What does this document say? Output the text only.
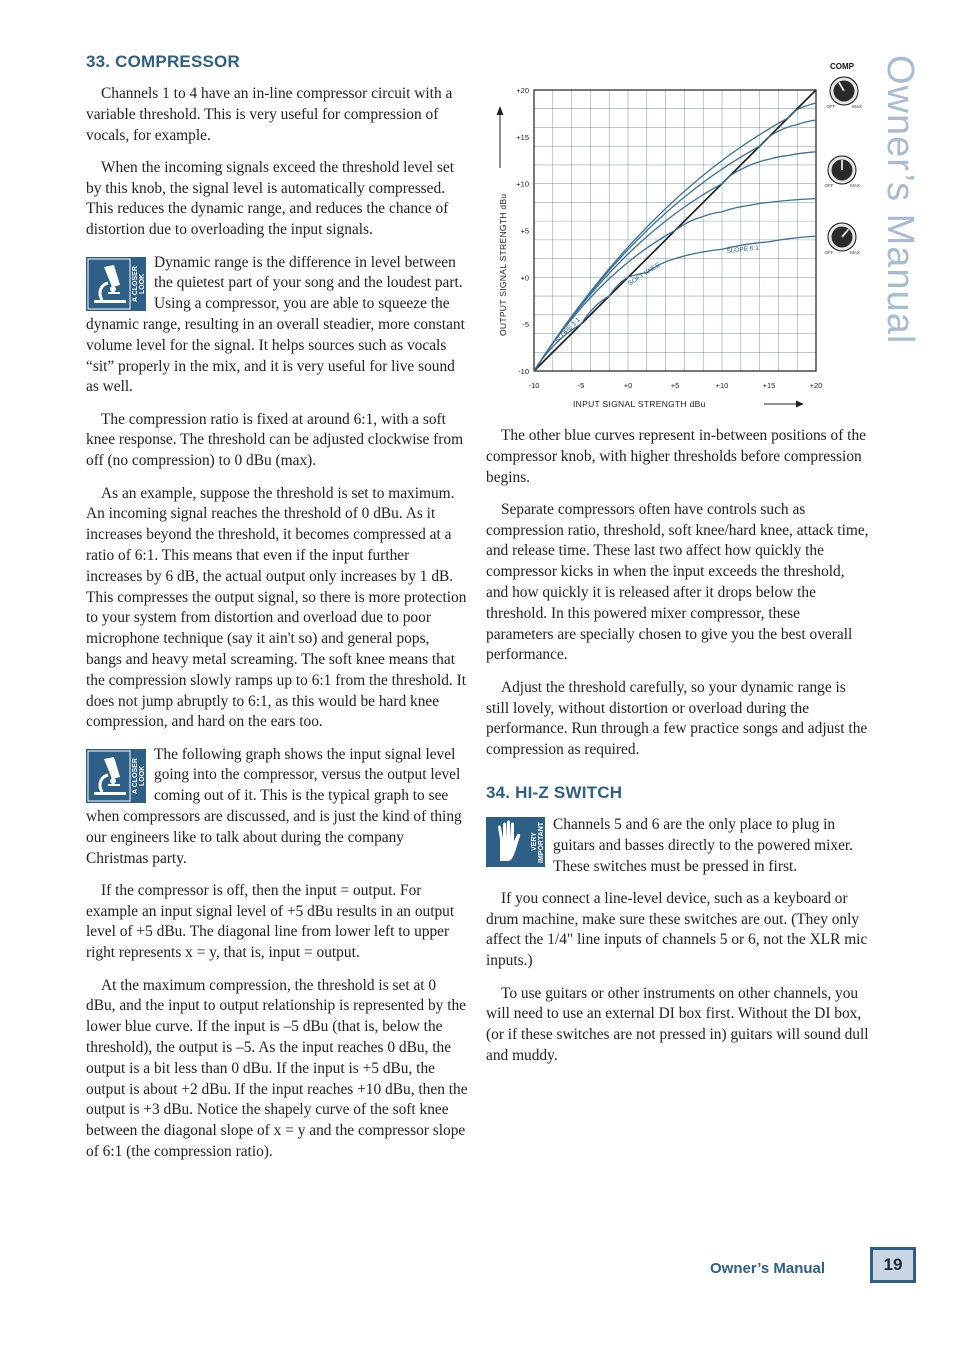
Owner’s Manual
33. COMPRESSOR

Channels 1 to 4 have an in-line compressor circuit with a variable threshold. This is very useful for compression of vocals, for example.

When the incoming signals exceed the threshold level set by this knob, the signal level is automatically compressed. This reduces the dynamic range, and reduces the chance of distortion due to overloading the input signals.

A CLOSER LOOK

Dynamic range is the difference in level between the quietest part of your song and the loudest part. Using a compressor, you are able to squeeze the dynamic range, resulting in an overall steadier, more constant volume level for the signal. It helps sources such as vocals “sit” properly in the mix, and it is very useful for live sound as well.

The compression ratio is fixed at around 6:1, with a soft knee response. The threshold can be adjusted clockwise from off (no compression) to 0 dBu (max).

As an example, suppose the threshold is set to maximum. An incoming signal reaches the threshold of 0 dBu. As it increases beyond the threshold, it becomes compressed at a ratio of 6:1. This means that even if the input further increases by 6 dB, the actual output only increases by 1 dB. This compresses the output signal, so there is more protection to your system from distortion and overload due to poor microphone technique (say it ain't so) and general pops, bangs and heavy metal screaming. The soft knee means that the compression slowly ramps up to 6:1 from the threshold. It does not jump abruptly to 6:1, as this would be hard knee compression, and hard on the ears too.

A CLOSER LOOK

The following graph shows the input signal level going into the compressor, versus the output level coming out of it. This is the typical graph to see when compressors are discussed, and is just the kind of thing our engineers like to talk about during the company Christmas party.

If the compressor is off, then the input = output. For example an input signal level of +5 dBu results in an output level of +5 dBu. The diagonal line from lower left to upper right represents x = y, that is, input = output.

At the maximum compression, the threshold is set at 0 dBu, and the input to output relationship is represented by the lower blue curve. If the input is –5 dBu (that is, below the threshold), the output is –5. As the input reaches 0 dBu, the output is a bit less than 0 dBu. If the input is +5 dBu, the output is about +2 dBu. If the input reaches +10 dBu, then the output is +3 dBu. Notice the shapely curve of the soft knee between the diagonal slope of x = y and the compressor slope of 6:1 (the compression ratio).

-10	-5	+0	+5	+10	+15	+20
+20
+15
+10
+5
+0
-5
-10
INPUT SIGNAL STRENGTH dBu
OUTPUT SIGNAL STRENGTH dBu	SLOPE 1:1
SOFT KNEE
SLOPE 6:1
COMP
OFF	MAX
OFF	MAX
OFF	MAX

The other blue curves represent in-between positions of the compressor knob, with higher thresholds before compression begins.

Separate compressors often have controls such as compression ratio, threshold, soft knee/hard knee, attack time, and release time. These last two affect how quickly the compressor kicks in when the input exceeds the threshold, and how quickly it is released after it drops below the threshold. In this powered mixer compressor, these parameters are specially chosen to give you the best overall performance.

Adjust the threshold carefully, so your dynamic range is still lovely, without distortion or overload during the performance. Run through a few practice songs and adjust the compression as required.

34. HI-Z SWITCH
VERY IMPORTANT Channels 5 and 6 are the only place to plug in guitars and basses directly to the powered mixer. These switches must be pressed in first.

If you connect a line-level device, such as a keyboard or drum machine, make sure these switches are out. (They only affect the 1/4" line inputs of channels 5 or 6, not the XLR mic inputs.)

To use guitars or other instruments on other channels, you will need to use an external DI box first. Without the DI box, (or if these switches are not pressed in) guitars will sound dull and muddy.

Owner’s Manual	19
